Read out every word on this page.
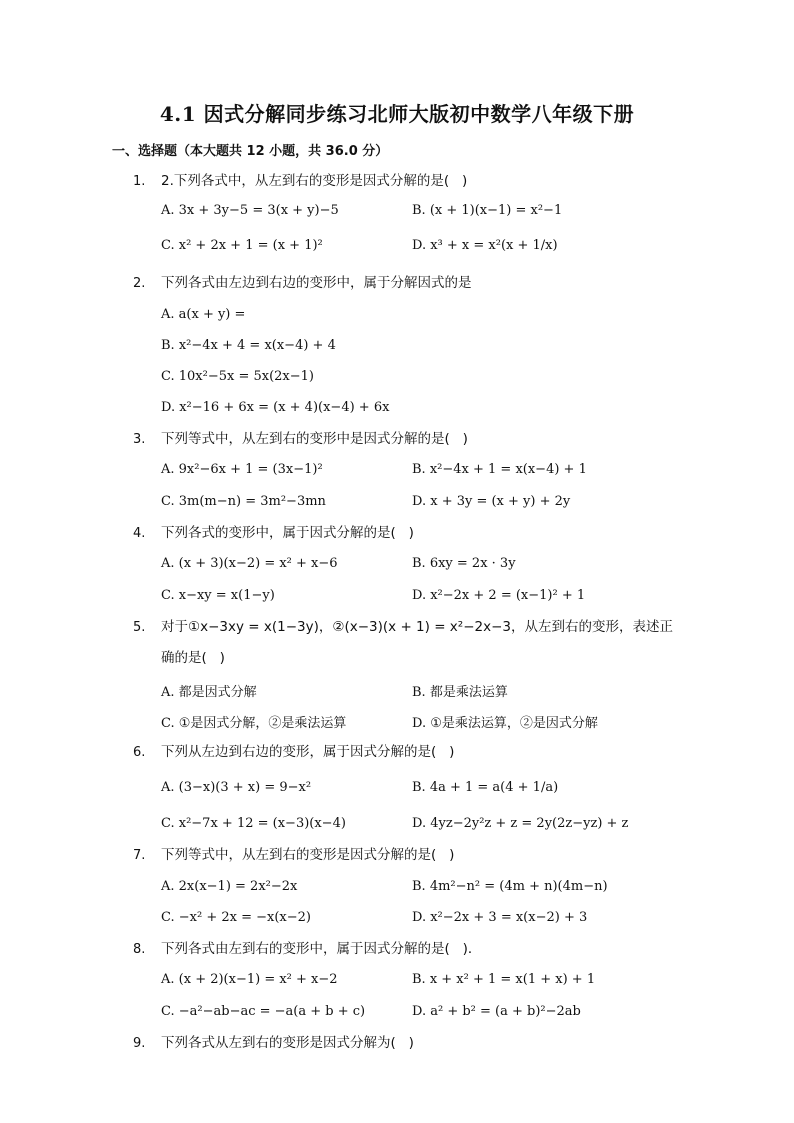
4.1 因式分解同步练习北师大版初中数学八年级下册
一、选择题（本大题共 12 小题，共 36.0 分）
1. 2.下列各式中，从左到右的变形是因式分解的是(   )
A. 3x + 3y−5 = 3(x + y)−5	B. (x + 1)(x−1) = x²−1
C. x² + 2x + 1 = (x + 1)²	D. x³ + x = x²(x + 1/x)
2. 下列各式由左边到右边的变形中，属于分解因式的是
A. a(x + y) =
B. x²−4x + 4 = x(x−4) + 4
C. 10x²−5x = 5x(2x−1)
D. x²−16 + 6x = (x + 4)(x−4) + 6x
3. 下列等式中，从左到右的变形中是因式分解的是(   )
A. 9x²−6x + 1 = (3x−1)²	B. x²−4x + 1 = x(x−4) + 1
C. 3m(m−n) = 3m²−3mn	D. x + 3y = (x + y) + 2y
4. 下列各式的变形中，属于因式分解的是(   )
A. (x + 3)(x−2) = x² + x−6	B. 6xy = 2x · 3y
C. x−xy = x(1−y)	D. x²−2x + 2 = (x−1)² + 1
5. 对于①x−3xy = x(1−3y)，②(x−3)(x + 1) = x²−2x−3，从左到右的变形，表述正确的是(   )
A. 都是因式分解	B. 都是乘法运算
C. ①是因式分解，②是乘法运算	D. ①是乘法运算，②是因式分解
6. 下列从左边到右边的变形，属于因式分解的是(   )
A. (3−x)(3 + x) = 9−x²	B. 4a + 1 = a(4 + 1/a)
C. x²−7x + 12 = (x−3)(x−4)	D. 4yz−2y²z + z = 2y(2z−yz) + z
7. 下列等式中，从左到右的变形是因式分解的是(   )
A. 2x(x−1) = 2x²−2x	B. 4m²−n² = (4m + n)(4m−n)
C. −x² + 2x = −x(x−2)	D. x²−2x + 3 = x(x−2) + 3
8. 下列各式由左到右的变形中，属于因式分解的是(   )．
A. (x + 2)(x−1) = x² + x−2	B. x + x² + 1 = x(1 + x) + 1
C. −a²−ab−ac = −a(a + b + c)	D. a² + b² = (a + b)²−2ab
9. 下列各式从左到右的变形是因式分解为(   )
